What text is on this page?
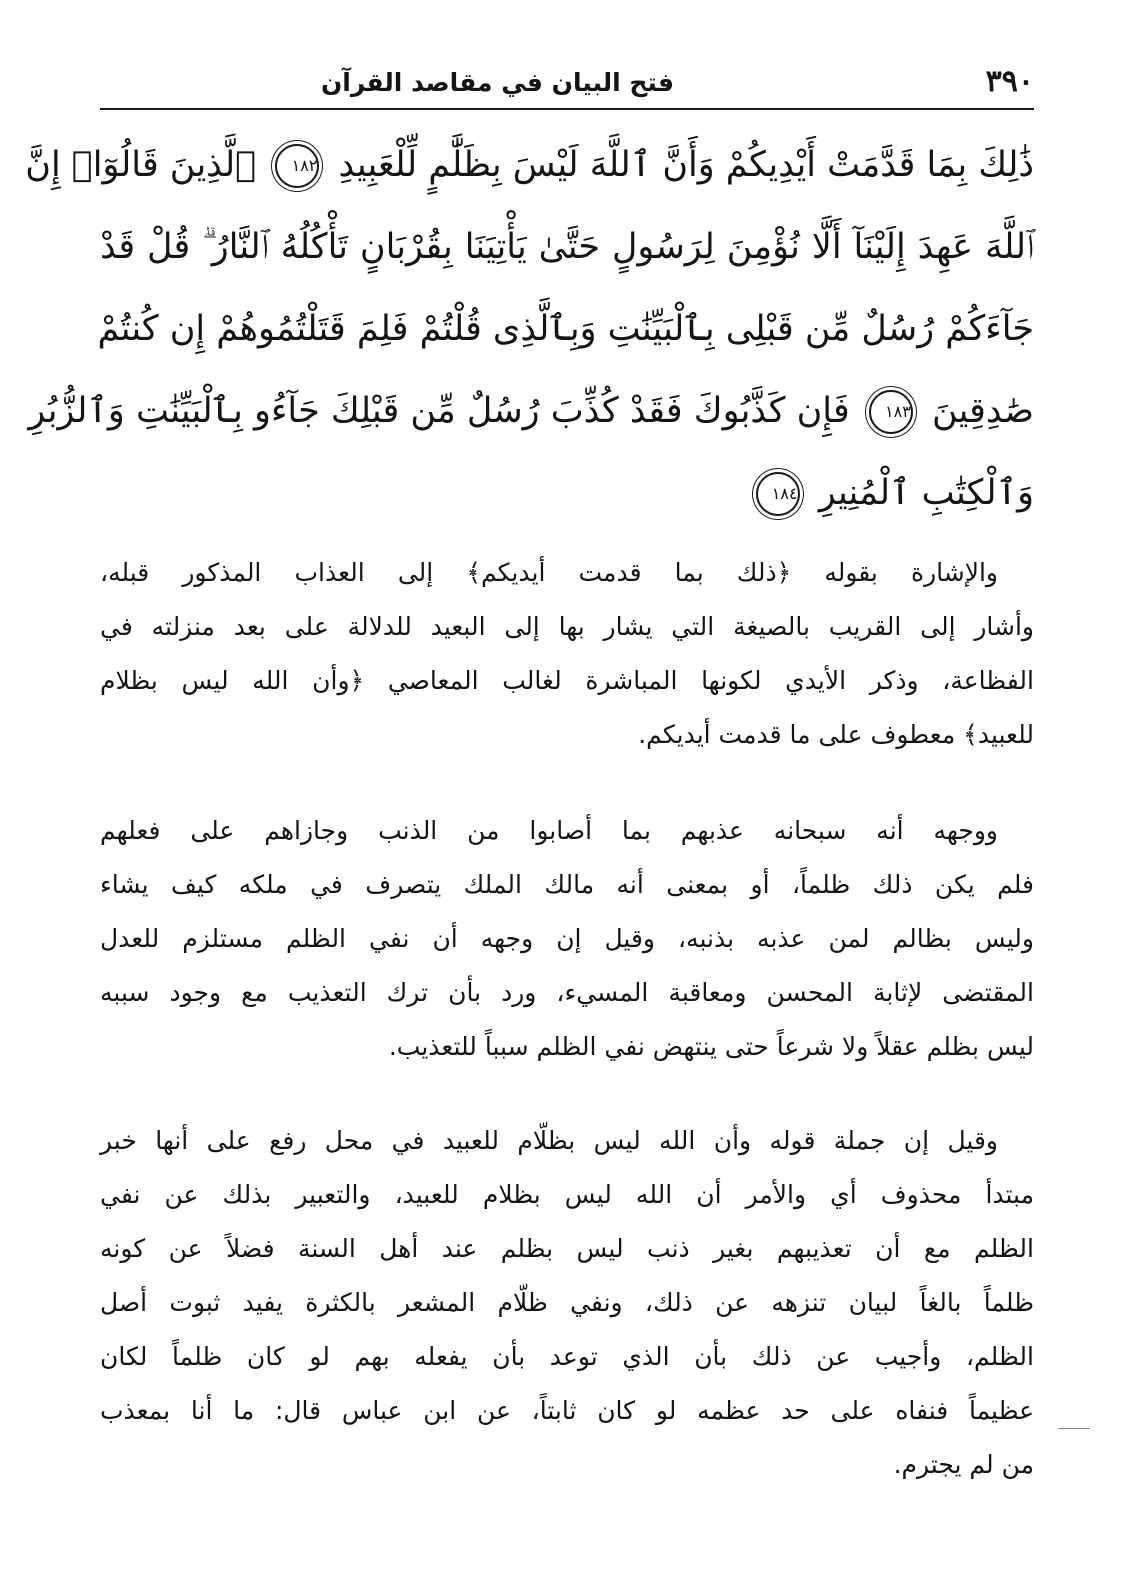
٣٩٠
فتح البيان في مقاصد القرآن
ذَٰلِكَ بِمَا قَدَّمَتْ أَيْدِيكُمْ وَأَنَّ ٱللَّهَ لَيْسَ بِظَلَّٰمٍ لِّلْعَبِيدِ ١٨٢ ٱلَّذِينَ قَالُوٓا۟ إِنَّ
ٱللَّهَ عَهِدَ إِلَيْنَآ أَلَّا نُؤْمِنَ لِرَسُولٍ حَتَّىٰ يَأْتِيَنَا بِقُرْبَانٍ تَأْكُلُهُ ٱلنَّارُ ۗ قُلْ قَدْ
جَآءَكُمْ رُسُلٌ مِّن قَبْلِى بِٱلْبَيِّنَٰتِ وَبِٱلَّذِى قُلْتُمْ فَلِمَ قَتَلْتُمُوهُمْ إِن كُنتُمْ
صَٰدِقِينَ ١٨٣ فَإِن كَذَّبُوكَ فَقَدْ كُذِّبَ رُسُلٌ مِّن قَبْلِكَ جَآءُو بِٱلْبَيِّنَٰتِ وَٱلزُّبُرِ
وَٱلْكِتَٰبِ ٱلْمُنِيرِ ١٨٤
والإشارة بقوله ﴿ذلك بما قدمت أيديكم﴾ إلى العذاب المذكور قبله،
وأشار إلى القريب بالصيغة التي يشار بها إلى البعيد للدلالة على بعد منزلته في
الفظاعة، وذكر الأيدي لكونها المباشرة لغالب المعاصي ﴿وأن الله ليس بظلام
للعبيد﴾ معطوف على ما قدمت أيديكم.
ووجهه أنه سبحانه عذبهم بما أصابوا من الذنب وجازاهم على فعلهم
فلم يكن ذلك ظلماً، أو بمعنى أنه مالك الملك يتصرف في ملكه كيف يشاء
وليس بظالم لمن عذبه بذنبه، وقيل إن وجهه أن نفي الظلم مستلزم للعدل
المقتضى لإثابة المحسن ومعاقبة المسيء، ورد بأن ترك التعذيب مع وجود سببه
ليس بظلم عقلاً ولا شرعاً حتى ينتهض نفي الظلم سبباً للتعذيب.
وقيل إن جملة قوله وأن الله ليس بظلّام للعبيد في محل رفع على أنها خبر
مبتدأ محذوف أي والأمر أن الله ليس بظلام للعبيد، والتعبير بذلك عن نفي
الظلم مع أن تعذيبهم بغير ذنب ليس بظلم عند أهل السنة فضلاً عن كونه
ظلماً بالغاً لبيان تنزهه عن ذلك، ونفي ظلّام المشعر بالكثرة يفيد ثبوت أصل
الظلم، وأجيب عن ذلك بأن الذي توعد بأن يفعله بهم لو كان ظلماً لكان
عظيماً فنفاه على حد عظمه لو كان ثابتاً، عن ابن عباس قال: ما أنا بمعذب
من لم يجترم.
